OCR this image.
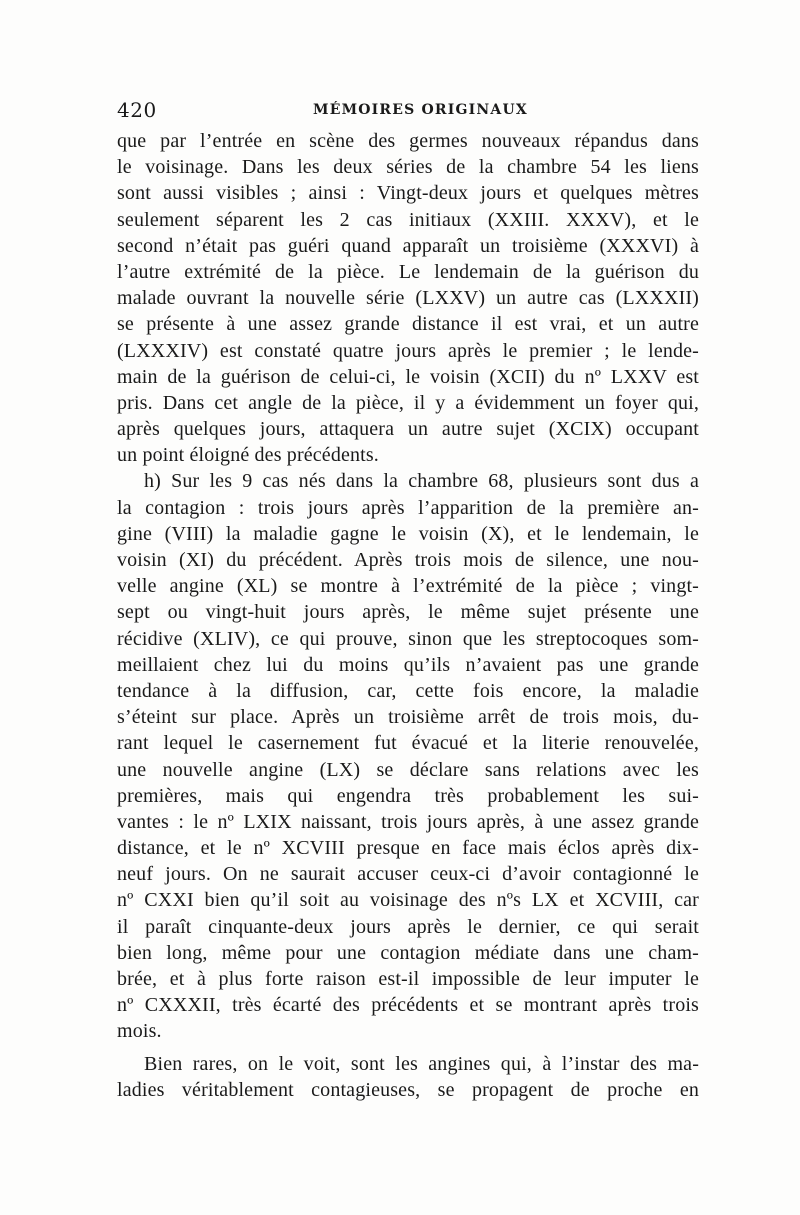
420	MÉMOIRES ORIGINAUX
que par l’entrée en scène des germes nouveaux répandus dans
le voisinage. Dans les deux séries de la chambre 54 les liens
sont aussi visibles ; ainsi : Vingt-deux jours et quelques mètres
seulement séparent les 2 cas initiaux (XXIII. XXXV), et le
second n’était pas guéri quand apparaît un troisième (XXXVI) à
l’autre extrémité de la pièce. Le lendemain de la guérison du
malade ouvrant la nouvelle série (LXXV) un autre cas (LXXXII)
se présente à une assez grande distance il est vrai, et un autre
(LXXXIV) est constaté quatre jours après le premier ; le lende-
main de la guérison de celui-ci, le voisin (XCII) du nº LXXV est
pris. Dans cet angle de la pièce, il y a évidemment un foyer qui,
après quelques jours, attaquera un autre sujet (XCIX) occupant
un point éloigné des précédents.
h) Sur les 9 cas nés dans la chambre 68, plusieurs sont dus a
la contagion : trois jours après l’apparition de la première an-
gine (VIII) la maladie gagne le voisin (X), et le lendemain, le
voisin (XI) du précédent. Après trois mois de silence, une nou-
velle angine (XL) se montre à l’extrémité de la pièce ; vingt-
sept ou vingt-huit jours après, le même sujet présente une
récidive (XLIV), ce qui prouve, sinon que les streptocoques som-
meillaient chez lui du moins qu’ils n’avaient pas une grande
tendance à la diffusion, car, cette fois encore, la maladie
s’éteint sur place. Après un troisième arrêt de trois mois, du-
rant lequel le casernement fut évacué et la literie renouvelée,
une nouvelle angine (LX) se déclare sans relations avec les
premières, mais qui engendra très probablement les sui-
vantes : le nº LXIX naissant, trois jours après, à une assez grande
distance, et le nº XCVIII presque en face mais éclos après dix-
neuf jours. On ne saurait accuser ceux-ci d’avoir contagionné le
nº CXXI bien qu’il soit au voisinage des nºs LX et XCVIII, car
il paraît cinquante-deux jours après le dernier, ce qui serait
bien long, même pour une contagion médiate dans une cham-
brée, et à plus forte raison est-il impossible de leur imputer le
nº CXXXII, très écarté des précédents et se montrant après trois
mois.
Bien rares, on le voit, sont les angines qui, à l’instar des ma-
ladies véritablement contagieuses, se propagent de proche en
